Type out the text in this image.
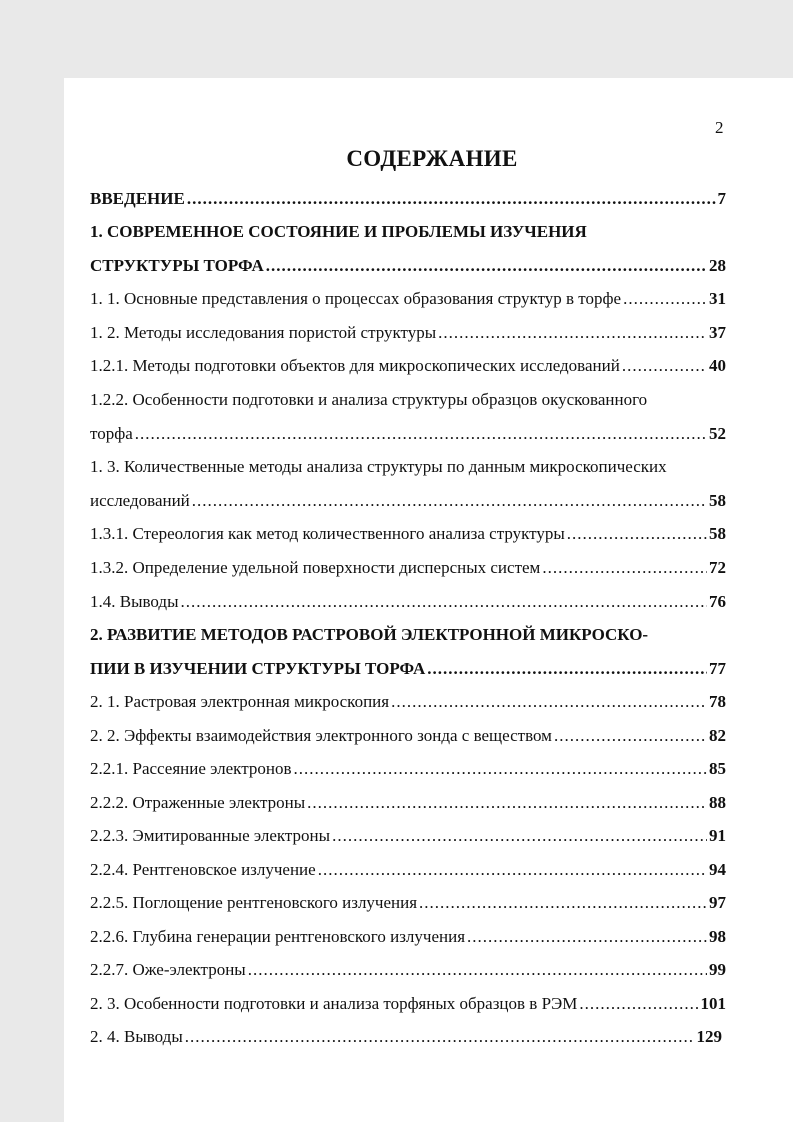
2
СОДЕРЖАНИЕ
ВВЕДЕНИЕ .....	7
1. СОВРЕМЕННОЕ СОСТОЯНИЕ И ПРОБЛЕМЫ ИЗУЧЕНИЯ
СТРУКТУРЫ ТОРФА .....	28
1. 1. Основные представления о процессах образования структур в торфе .....	31
1. 2. Методы исследования пористой структуры .....	37
1.2.1. Методы подготовки объектов для микроскопических исследований .....	40
1.2.2. Особенности подготовки и анализа структуры образцов окускованного
торфа .....	52
1. 3. Количественные методы анализа структуры по данным микроскопических
исследований .....	58
1.3.1. Стереология как метод количественного анализа структуры .....	58
1.3.2. Определение удельной поверхности дисперсных систем .....	72
1.4. Выводы .....	76
2. РАЗВИТИЕ МЕТОДОВ РАСТРОВОЙ ЭЛЕКТРОННОЙ МИКРОСКО-
ПИИ В ИЗУЧЕНИИ СТРУКТУРЫ ТОРФА .....	77
2. 1. Растровая электронная микроскопия .....	78
2. 2. Эффекты взаимодействия электронного зонда с веществом .....	82
2.2.1. Рассеяние электронов .....	85
2.2.2. Отраженные электроны .....	88
2.2.3. Эмитированные электроны .....	91
2.2.4. Рентгеновское излучение .....	94
2.2.5. Поглощение рентгеновского излучения .....	97
2.2.6. Глубина генерации рентгеновского излучения .....	98
2.2.7. Оже-электроны .....	99
2. 3. Особенности подготовки и анализа торфяных образцов в РЭМ .....	101
2. 4. Выводы .....	129
